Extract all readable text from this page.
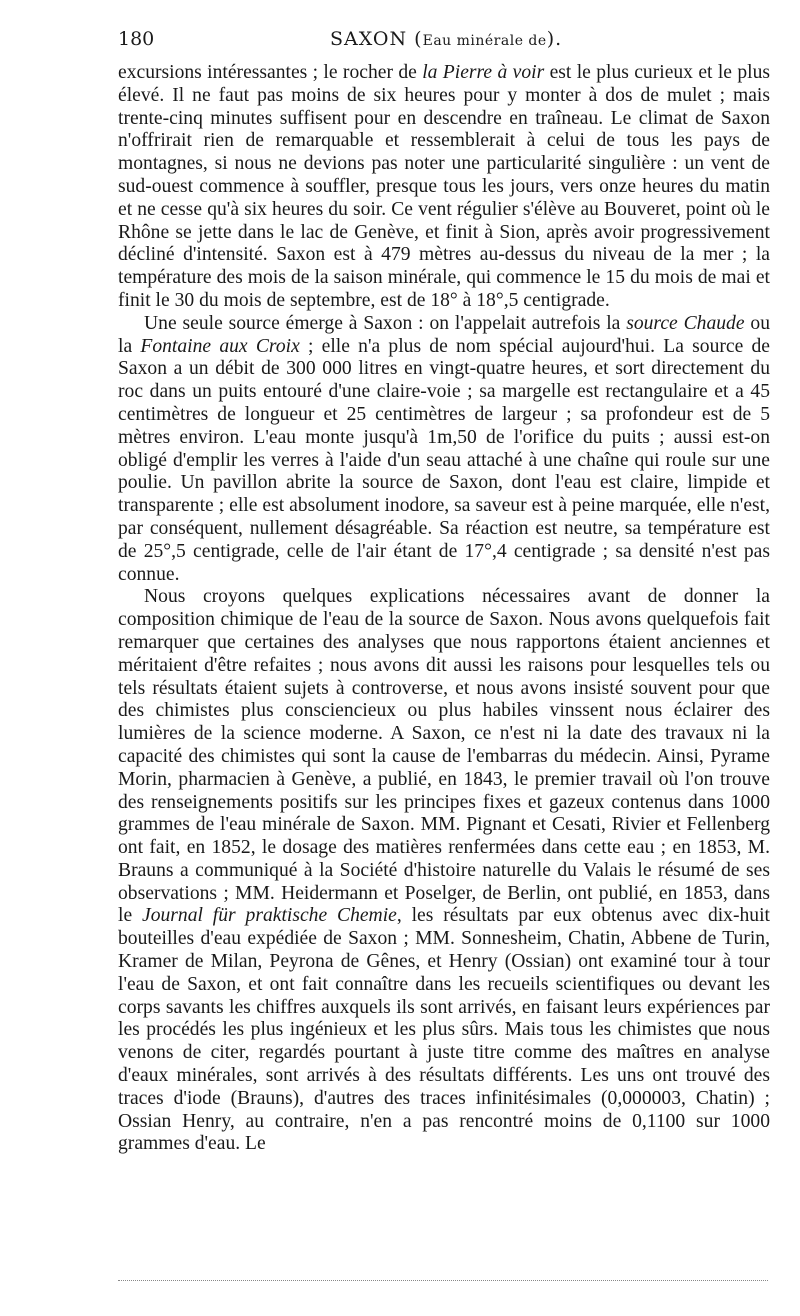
180	SAXON (Eau minérale de).

excursions intéressantes ; le rocher de la Pierre à voir est le plus curieux et le plus élevé. Il ne faut pas moins de six heures pour y monter à dos de mulet ; mais trente-cinq minutes suffisent pour en descendre en traîneau. Le climat de Saxon n'offrirait rien de remarquable et ressemblerait à celui de tous les pays de montagnes, si nous ne devions pas noter une particularité singulière : un vent de sud-ouest commence à souffler, presque tous les jours, vers onze heures du matin et ne cesse qu'à six heures du soir. Ce vent régulier s'élève au Bouveret, point où le Rhône se jette dans le lac de Genève, et finit à Sion, après avoir progressivement décliné d'intensité. Saxon est à 479 mètres au-dessus du niveau de la mer ; la température des mois de la saison minérale, qui commence le 15 du mois de mai et finit le 30 du mois de septembre, est de 18° à 18°,5 centigrade.

Une seule source émerge à Saxon : on l'appelait autrefois la source Chaude ou la Fontaine aux Croix ; elle n'a plus de nom spécial aujourd'hui. La source de Saxon a un débit de 300 000 litres en vingt-quatre heures, et sort directement du roc dans un puits entouré d'une claire-voie ; sa margelle est rectangulaire et a 45 centimètres de longueur et 25 centimètres de largeur ; sa profondeur est de 5 mètres environ. L'eau monte jusqu'à 1m,50 de l'orifice du puits ; aussi est-on obligé d'emplir les verres à l'aide d'un seau attaché à une chaîne qui roule sur une poulie. Un pavillon abrite la source de Saxon, dont l'eau est claire, limpide et transparente ; elle est absolument inodore, sa saveur est à peine marquée, elle n'est, par conséquent, nullement désagréable. Sa réaction est neutre, sa température est de 25°,5 centigrade, celle de l'air étant de 17°,4 centigrade ; sa densité n'est pas connue.

Nous croyons quelques explications nécessaires avant de donner la composition chimique de l'eau de la source de Saxon. Nous avons quelquefois fait remarquer que certaines des analyses que nous rapportons étaient anciennes et méritaient d'être refaites ; nous avons dit aussi les raisons pour lesquelles tels ou tels résultats étaient sujets à controverse, et nous avons insisté souvent pour que des chimistes plus consciencieux ou plus habiles vinssent nous éclairer des lumières de la science moderne. A Saxon, ce n'est ni la date des travaux ni la capacité des chimistes qui sont la cause de l'embarras du médecin. Ainsi, Pyrame Morin, pharmacien à Genève, a publié, en 1843, le premier travail où l'on trouve des renseignements positifs sur les principes fixes et gazeux contenus dans 1000 grammes de l'eau minérale de Saxon. MM. Pignant et Cesati, Rivier et Fellenberg ont fait, en 1852, le dosage des matières renfermées dans cette eau ; en 1853, M. Brauns a communiqué à la Société d'histoire naturelle du Valais le résumé de ses observations ; MM. Heidermann et Poselger, de Berlin, ont publié, en 1853, dans le Journal für praktische Chemie, les résultats par eux obtenus avec dix-huit bouteilles d'eau expédiée de Saxon ; MM. Sonnesheim, Chatin, Abbene de Turin, Kramer de Milan, Peyrona de Gênes, et Henry (Ossian) ont examiné tour à tour l'eau de Saxon, et ont fait connaître dans les recueils scientifiques ou devant les corps savants les chiffres auxquels ils sont arrivés, en faisant leurs expériences par les procédés les plus ingénieux et les plus sûrs. Mais tous les chimistes que nous venons de citer, regardés pourtant à juste titre comme des maîtres en analyse d'eaux minérales, sont arrivés à des résultats différents. Les uns ont trouvé des traces d'iode (Brauns), d'autres des traces infinitésimales (0,000003, Chatin) ; Ossian Henry, au contraire, n'en a pas rencontré moins de 0,1100 sur 1000 grammes d'eau. Le
